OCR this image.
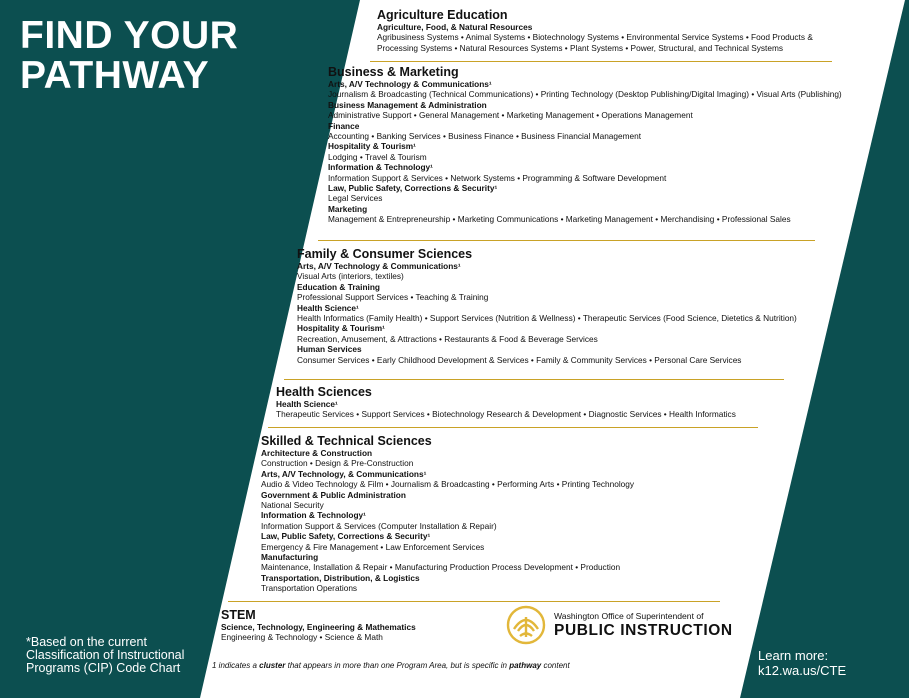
FIND YOUR
PATHWAY
Agriculture Education
Agriculture, Food, & Natural Resources
Agribusiness Systems • Animal Systems • Biotechnology Systems • Environmental Service Systems • Food Products & Processing Systems • Natural Resources Systems • Plant Systems • Power, Structural, and Technical Systems
Business & Marketing
Arts, A/V Technology & Communications¹
Journalism & Broadcasting (Technical Communications) • Printing Technology (Desktop Publishing/Digital Imaging) • Visual Arts (Publishing)
Business Management & Administration
Administrative Support • General Management • Marketing Management • Operations Management
Finance
Accounting • Banking Services • Business Finance • Business Financial Management
Hospitality & Tourism¹
Lodging • Travel & Tourism
Information & Technology¹
Information Support & Services • Network Systems • Programming & Software Development
Law, Public Safety, Corrections & Security¹
Legal Services
Marketing
Management & Entrepreneurship • Marketing Communications • Marketing Management • Merchandising • Professional Sales
Family & Consumer Sciences
Arts, A/V Technology & Communications¹
Visual Arts (interiors, textiles)
Education & Training
Professional Support Services • Teaching & Training
Health Science¹
Health Informatics (Family Health) • Support Services (Nutrition & Wellness) • Therapeutic Services (Food Science, Dietetics & Nutrition)
Hospitality & Tourism¹
Recreation, Amusement, & Attractions • Restaurants & Food & Beverage Services
Human Services
Consumer Services • Early Childhood Development & Services • Family & Community Services • Personal Care Services
Health Sciences
Health Science¹
Therapeutic Services • Support Services • Biotechnology Research & Development • Diagnostic Services • Health Informatics
Skilled & Technical Sciences
Architecture & Construction
Construction • Design & Pre-Construction
Arts, A/V Technology, & Communications¹
Audio & Video Technology & Film • Journalism & Broadcasting • Performing Arts • Printing Technology
Government & Public Administration
National Security
Information & Technology¹
Information Support & Services (Computer Installation & Repair)
Law, Public Safety, Corrections & Security¹
Emergency & Fire Management • Law Enforcement Services
Manufacturing
Maintenance, Installation & Repair • Manufacturing Production Process Development • Production
Transportation, Distribution, & Logistics
Transportation Operations
STEM
Science, Technology, Engineering & Mathematics
Engineering & Technology • Science & Math
Washington Office of Superintendent of
PUBLIC INSTRUCTION
1 indicates a cluster that appears in more than one Program Area, but is specific in pathway content
*Based on the current Classification of Instructional Programs (CIP) Code Chart
Learn more:
k12.wa.us/CTE
